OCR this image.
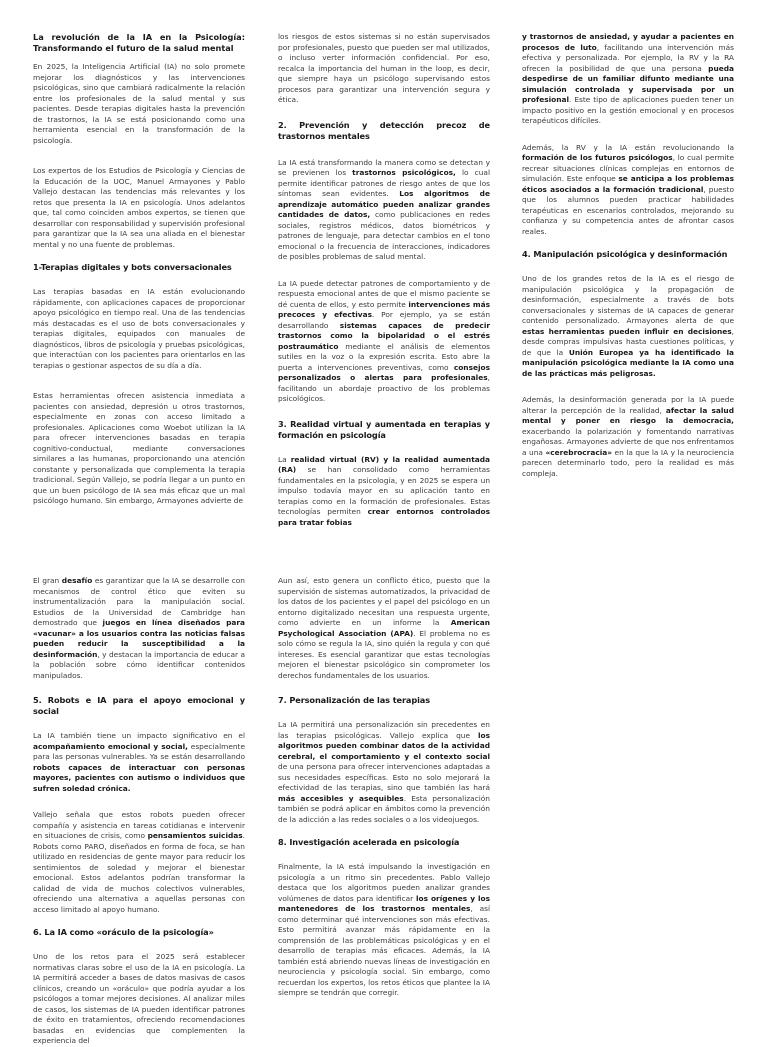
La revolución de la IA en la Psicología: Transformando el futuro de la salud mental

En 2025, la Inteligencia Artificial (IA) no solo promete mejorar los diagnósticos y las intervenciones psicológicas, sino que cambiará radicalmente la relación entre los profesionales de la salud mental y sus pacientes. Desde terapias digitales hasta la prevención de trastornos, la IA se está posicionando como una herramienta esencial en la transformación de la psicología.

Los expertos de los Estudios de Psicología y Ciencias de la Educación de la UOC, Manuel Armayones y Pablo Vallejo destacan las tendencias más relevantes y los retos que presenta la IA en psicología. Unos adelantos que, tal como coinciden ambos expertos, se tienen que desarrollar con responsabilidad y supervisión profesional para garantizar que la IA sea una aliada en el bienestar mental y no una fuente de problemas.

1-Terapias digitales y bots conversacionales

Las terapias basadas en IA están evolucionando rápidamente, con aplicaciones capaces de proporcionar apoyo psicológico en tiempo real. Una de las tendencias más destacadas es el uso de bots conversacionales y terapias digitales, equipados con manuales de diagnósticos, libros de psicología y pruebas psicológicas, que interactúan con los pacientes para orientarlos en las terapias o gestionar aspectos de su día a día.

Estas herramientas ofrecen asistencia inmediata a pacientes con ansiedad, depresión u otros trastornos, especialmente en zonas con acceso limitado a profesionales. Aplicaciones como Woebot utilizan la IA para ofrecer intervenciones basadas en terapia cognitivo-conductual, mediante conversaciones similares a las humanas, proporcionando una atención constante y personalizada que complementa la terapia tradicional. Según Vallejo, se podría llegar a un punto en que un buen psicólogo de IA sea más eficaz que un mal psicólogo humano. Sin embargo, Armayones advierte de

los riesgos de estos sistemas si no están supervisados por profesionales, puesto que pueden ser mal utilizados, o incluso verter información confidencial. Por eso, recalca la importancia del human in the loop, es decir, que siempre haya un psicólogo supervisando estos procesos para garantizar una intervención segura y ética.

2. Prevención y detección precoz de trastornos mentales

La IA está transformando la manera como se detectan y se previenen los trastornos psicológicos, lo cual permite identificar patrones de riesgo antes de que los síntomas sean evidentes. Los algoritmos de aprendizaje automático pueden analizar grandes cantidades de datos, como publicaciones en redes sociales, registros médicos, datos biométricos y patrones de lenguaje, para detectar cambios en el tono emocional o la frecuencia de interacciones, indicadores de posibles problemas de salud mental.

La IA puede detectar patrones de comportamiento y de respuesta emocional antes de que el mismo paciente se dé cuenta de ellos, y esto permite intervenciones más precoces y efectivas. Por ejemplo, ya se están desarrollando sistemas capaces de predecir trastornos como la bipolaridad o el estrés postraumático mediante el análisis de elementos sutiles en la voz o la expresión escrita. Esto abre la puerta a intervenciones preventivas, como consejos personalizados o alertas para profesionales, facilitando un abordaje proactivo de los problemas psicológicos.

3. Realidad virtual y aumentada en terapias y formación en psicología

La realidad virtual (RV) y la realidad aumentada (RA) se han consolidado como herramientas fundamentales en la psicología, y en 2025 se espera un impulso todavía mayor en su aplicación tanto en terapias como en la formación de profesionales. Estas tecnologías permiten crear entornos controlados para tratar fobias

y trastornos de ansiedad, y ayudar a pacientes en procesos de luto, facilitando una intervención más efectiva y personalizada. Por ejemplo, la RV y la RA ofrecen la posibilidad de que una persona pueda despedirse de un familiar difunto mediante una simulación controlada y supervisada por un profesional. Este tipo de aplicaciones pueden tener un impacto positivo en la gestión emocional y en procesos terapéuticos difíciles.

Además, la RV y la IA están revolucionando la formación de los futuros psicólogos, lo cual permite recrear situaciones clínicas complejas en entornos de simulación. Este enfoque se anticipa a los problemas éticos asociados a la formación tradicional, puesto que los alumnos pueden practicar habilidades terapéuticas en escenarios controlados, mejorando su confianza y su competencia antes de afrontar casos reales.

4. Manipulación psicológica y desinformación

Uno de los grandes retos de la IA es el riesgo de manipulación psicológica y la propagación de desinformación, especialmente a través de bots conversacionales y sistemas de IA capaces de generar contenido personalizado. Armayones alerta de que estas herramientas pueden influir en decisiones, desde compras impulsivas hasta cuestiones políticas, y de que la Unión Europea ya ha identificado la manipulación psicológica mediante la IA como una de las prácticas más peligrosas.

Además, la desinformación generada por la IA puede alterar la percepción de la realidad, afectar la salud mental y poner en riesgo la democracia, exacerbando la polarización y fomentando narrativas engañosas. Armayones advierte de que nos enfrentamos a una «cerebrocracia» en la que la IA y la neurociencia parecen determinarlo todo, pero la realidad es más compleja.

El gran desafío es garantizar que la IA se desarrolle con mecanismos de control ético que eviten su instrumentalización para la manipulación social. Estudios de la Universidad de Cambridge han demostrado que juegos en línea diseñados para «vacunar» a los usuarios contra las noticias falsas pueden reducir la susceptibilidad a la desinformación, y destacan la importancia de educar a la población sobre cómo identificar contenidos manipulados.

5. Robots e IA para el apoyo emocional y social

La IA también tiene un impacto significativo en el acompañamiento emocional y social, especialmente para las personas vulnerables. Ya se están desarrollando robots capaces de interactuar con personas mayores, pacientes con autismo o individuos que sufren soledad crónica.

Vallejo señala que estos robots pueden ofrecer compañía y asistencia en tareas cotidianas e intervenir en situaciones de crisis, como pensamientos suicidas. Robots como PARO, diseñados en forma de foca, se han utilizado en residencias de gente mayor para reducir los sentimientos de soledad y mejorar el bienestar emocional. Estos adelantos podrían transformar la calidad de vida de muchos colectivos vulnerables, ofreciendo una alternativa a aquellas personas con acceso limitado al apoyo humano.

6. La IA como «oráculo de la psicología»

Uno de los retos para el 2025 será establecer normativas claras sobre el uso de la IA en psicología. La IA permitirá acceder a bases de datos masivas de casos clínicos, creando un «oráculo» que podría ayudar a los psicólogos a tomar mejores decisiones. Al analizar miles de casos, los sistemas de IA pueden identificar patrones de éxito en tratamientos, ofreciendo recomendaciones basadas en evidencias que complementen la experiencia del

Aun así, esto genera un conflicto ético, puesto que la supervisión de sistemas automatizados, la privacidad de los datos de los pacientes y el papel del psicólogo en un entorno digitalizado necesitan una respuesta urgente, como advierte en un informe la American Psychological Association (APA). El problema no es solo cómo se regula la IA, sino quién la regula y con qué intereses. Es esencial garantizar que estas tecnologías mejoren el bienestar psicológico sin comprometer los derechos fundamentales de los usuarios.

7. Personalización de las terapias

La IA permitirá una personalización sin precedentes en las terapias psicológicas. Vallejo explica que los algoritmos pueden combinar datos de la actividad cerebral, el comportamiento y el contexto social de una persona para ofrecer intervenciones adaptadas a sus necesidades específicas. Esto no solo mejorará la efectividad de las terapias, sino que también las hará más accesibles y asequibles. Esta personalización también se podrá aplicar en ámbitos como la prevención de la adicción a las redes sociales o a los videojuegos.

8. Investigación acelerada en psicología

Finalmente, la IA está impulsando la investigación en psicología a un ritmo sin precedentes. Pablo Vallejo destaca que los algoritmos pueden analizar grandes volúmenes de datos para identificar los orígenes y los mantenedores de los trastornos mentales, así como determinar qué intervenciones son más efectivas. Esto permitirá avanzar más rápidamente en la comprensión de las problemáticas psicológicas y en el desarrollo de terapias más eficaces. Además, la IA también está abriendo nuevas líneas de investigación en neurociencia y psicología social. Sin embargo, como recuerdan los expertos, los retos éticos que plantee la IA siempre se tendrán que corregir.
